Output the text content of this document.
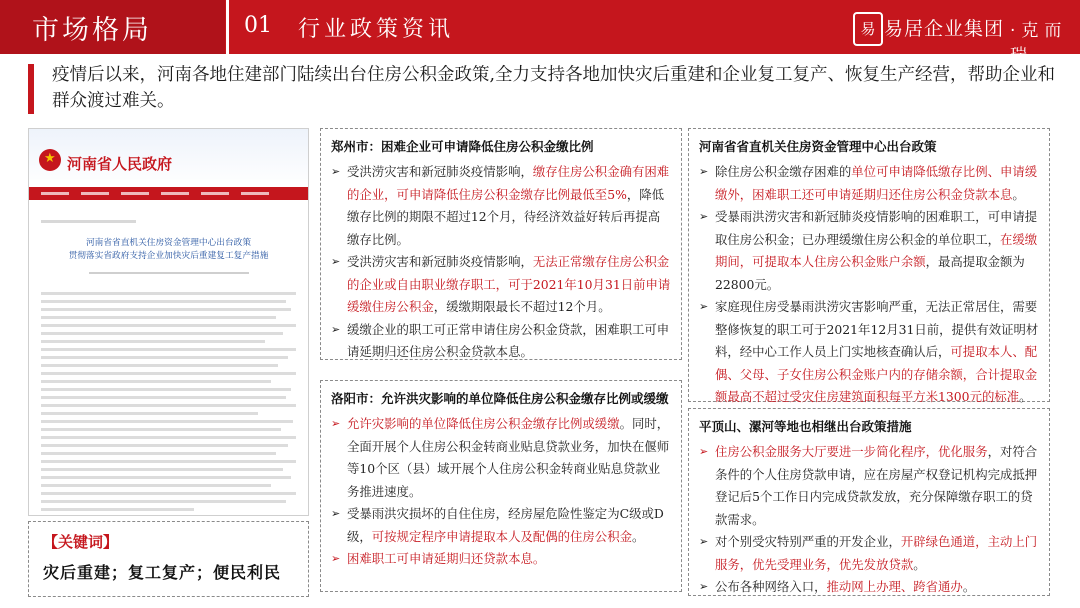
市场格局	01 行业政策资讯	易 易居企业集团 ·克而瑞
疫情后以来，河南各地住建部门陆续出台住房公积金政策,全力支持各地加快灾后重建和企业复工复产、恢复生产经营，帮助企业和群众渡过难关。
★
河南省人民政府
河南省省直机关住房资金管理中心出台政策
贯彻落实省政府支持企业加快灾后重建复工复产措施
【关键词】
灾后重建；复工复产；便民利民
郑州市：困难企业可申请降低住房公积金缴比例
➢ 受洪涝灾害和新冠肺炎疫情影响，缴存住房公积金确有困难的企业，可申请降低住房公积金缴存比例最低至5%，降低缴存比例的期限不超过12个月，待经济效益好转后再提高缴存比例。
➢ 受洪涝灾害和新冠肺炎疫情影响，无法正常缴存住房公积金的企业或自由职业缴存职工，可于2021年10月31日前申请缓缴住房公积金，缓缴期限最长不超过12个月。
➢ 缓缴企业的职工可正常申请住房公积金贷款，困难职工可申请延期归还住房公积金贷款本息。
洛阳市：允许洪灾影响的单位降低住房公积金缴存比例或缓缴
➢ 允许灾影响的单位降低住房公积金缴存比例或缓缴。同时，全面开展个人住房公积金转商业贴息贷款业务，加快在偃师等10个区（县）域开展个人住房公积金转商业贴息贷款业务推进速度。
➢ 受暴雨洪灾损坏的自住住房，经房屋危险性鉴定为C级或D级，可按规定程序申请提取本人及配偶的住房公积金。
➢ 困难职工可申请延期归还贷款本息。
河南省省直机关住房资金管理中心出台政策
➢ 除住房公积金缴存困难的单位可申请降低缴存比例、申请缓缴外，困难职工还可申请延期归还住房公积金贷款本息。
➢ 受暴雨洪涝灾害和新冠肺炎疫情影响的困难职工，可申请提取住房公积金；已办理缓缴住房公积金的单位职工，在缓缴期间，可提取本人住房公积金账户余额，最高提取金额为22800元。
➢ 家庭现住房受暴雨洪涝灾害影响严重，无法正常居住，需要整修恢复的职工可于2021年12月31日前，提供有效证明材料，经中心工作人员上门实地核查确认后，可提取本人、配偶、父母、子女住房公积金账户内的存储余额，合计提取金额最高不超过受灾住房建筑面积每平方米1300元的标准。
平顶山、漯河等地也相继出台政策措施
➢ 住房公积金服务大厅要进一步简化程序，优化服务，对符合条件的个人住房贷款申请，应在房屋产权登记机构完成抵押登记后5个工作日内完成贷款发放，充分保障缴存职工的贷款需求。
➢ 对个别受灾特别严重的开发企业，开辟绿色通道，主动上门服务，优先受理业务，优先发放贷款。
➢ 公布各种网络入口，推动网上办理、跨省通办。
